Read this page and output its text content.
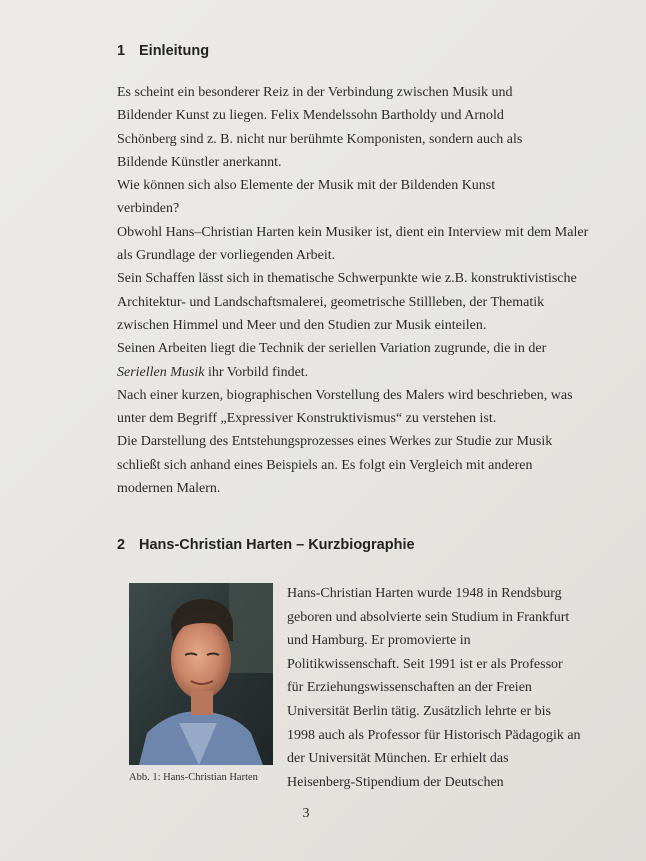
1 Einleitung
Es scheint ein besonderer Reiz in der Verbindung zwischen Musik und
Bildender Kunst zu liegen. Felix Mendelssohn Bartholdy und Arnold
Schönberg sind z. B. nicht nur berühmte Komponisten, sondern auch als
Bildende Künstler anerkannt.
Wie können sich also Elemente der Musik mit der Bildenden Kunst
verbinden?
Obwohl Hans–Christian Harten kein Musiker ist, dient ein Interview mit dem Maler
als Grundlage der vorliegenden Arbeit.
Sein Schaffen lässt sich in thematische Schwerpunkte wie z.B. konstruktivistische
Architektur- und Landschaftsmalerei, geometrische Stillleben, der Thematik
zwischen Himmel und Meer und den Studien zur Musik einteilen.
Seinen Arbeiten liegt die Technik der seriellen Variation zugrunde, die in der
Seriellen Musik ihr Vorbild findet.
Nach einer kurzen, biographischen Vorstellung des Malers wird beschrieben, was
unter dem Begriff „Expressiver Konstruktivismus“ zu verstehen ist.
Die Darstellung des Entstehungsprozesses eines Werkes zur Studie zur Musik
schließt sich anhand eines Beispiels an. Es folgt ein Vergleich mit anderen
modernen Malern.
2 Hans-Christian Harten – Kurzbiographie
Abb. 1: Hans-Christian Harten
Hans-Christian Harten wurde 1948 in Rendsburg
geboren und absolvierte sein Studium in Frankfurt
und Hamburg. Er promovierte in
Politikwissenschaft. Seit 1991 ist er als Professor
für Erziehungswissenschaften an der Freien
Universität Berlin tätig. Zusätzlich lehrte er bis
1998 auch als Professor für Historisch Pädagogik an
der Universität München. Er erhielt das
Heisenberg-Stipendium der Deutschen
3
